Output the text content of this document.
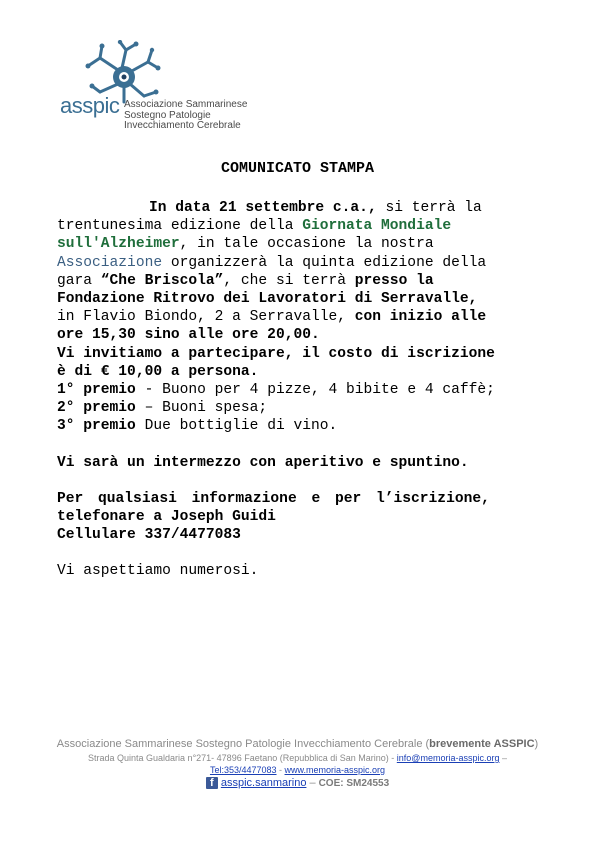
asspic Associazione Sammarinese
Sostegno Patologie
Invecchiamento Cerebrale
COMUNICATO STAMPA
In data 21 settembre c.a., si terrà la
trentunesima edizione della Giornata Mondiale
sull'Alzheimer, in tale occasione la nostra
Associazione organizzerà la quinta edizione della
gara “Che Briscola”, che si terrà presso la
Fondazione Ritrovo dei Lavoratori di Serravalle,
in Flavio Biondo, 2 a Serravalle, con inizio alle
ore 15,30 sino alle ore 20,00.
Vi invitiamo a partecipare, il costo di iscrizione
è di € 10,00 a persona.
1° premio - Buono per 4 pizze, 4 bibite e 4 caffè;
2° premio – Buoni spesa;
3° premio Due bottiglie di vino.
Vi sarà un intermezzo con aperitivo e spuntino.
Per qualsiasi informazione e per l’iscrizione,
telefonare a Joseph Guidi
Cellulare 337/4477083
Vi aspettiamo numerosi.
Associazione Sammarinese Sostegno Patologie Invecchiamento Cerebrale (brevemente ASSPIC)
Strada Quinta Gualdaria n°271- 47896 Faetano (Repubblica di San Marino) - info@memoria-asspic.org –
Tel:353/4477083 - www.memoria-asspic.org
f asspic.sanmarino – COE: SM24553
